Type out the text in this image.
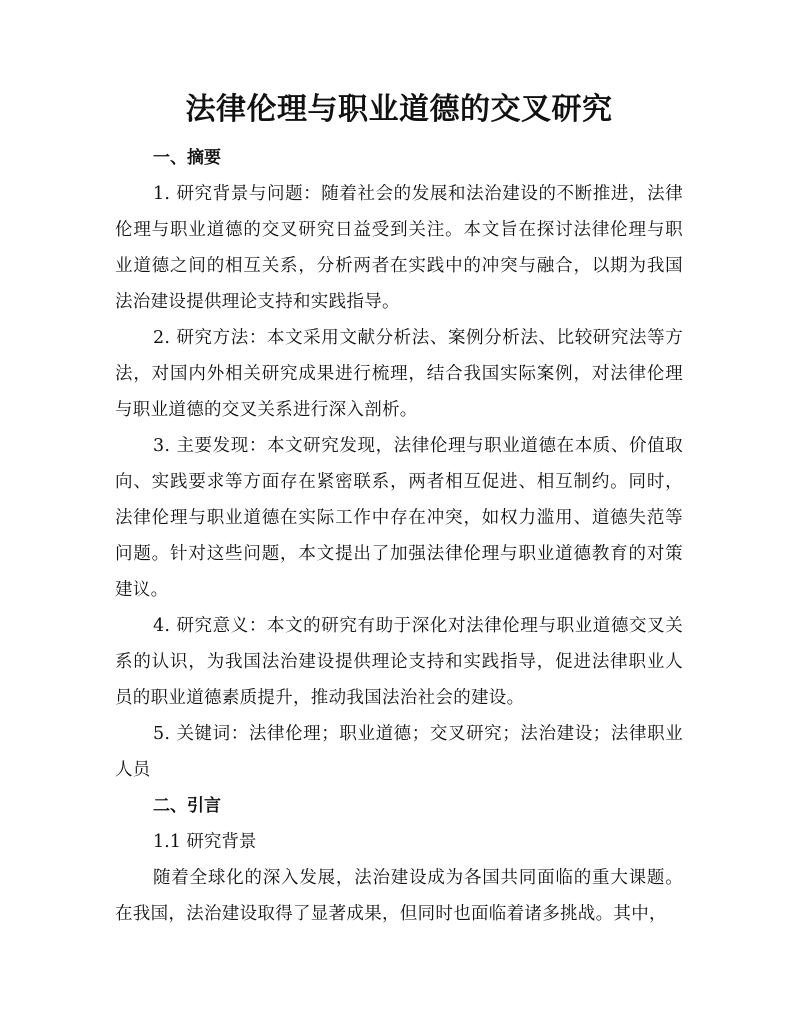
法律伦理与职业道德的交叉研究
一、摘要

1. 研究背景与问题：随着社会的发展和法治建设的不断推进，法律伦理与职业道德的交叉研究日益受到关注。本文旨在探讨法律伦理与职业道德之间的相互关系，分析两者在实践中的冲突与融合，以期为我国法治建设提供理论支持和实践指导。

2. 研究方法：本文采用文献分析法、案例分析法、比较研究法等方法，对国内外相关研究成果进行梳理，结合我国实际案例，对法律伦理与职业道德的交叉关系进行深入剖析。

3. 主要发现：本文研究发现，法律伦理与职业道德在本质、价值取向、实践要求等方面存在紧密联系，两者相互促进、相互制约。同时，法律伦理与职业道德在实际工作中存在冲突，如权力滥用、道德失范等问题。针对这些问题，本文提出了加强法律伦理与职业道德教育的对策建议。

4. 研究意义：本文的研究有助于深化对法律伦理与职业道德交叉关系的认识，为我国法治建设提供理论支持和实践指导，促进法律职业人员的职业道德素质提升，推动我国法治社会的建设。

5. 关键词：法律伦理；职业道德；交叉研究；法治建设；法律职业人员

二、引言
1.1 研究背景

随着全球化的深入发展，法治建设成为各国共同面临的重大课题。在我国，法治建设取得了显著成果，但同时也面临着诸多挑战。其中，
